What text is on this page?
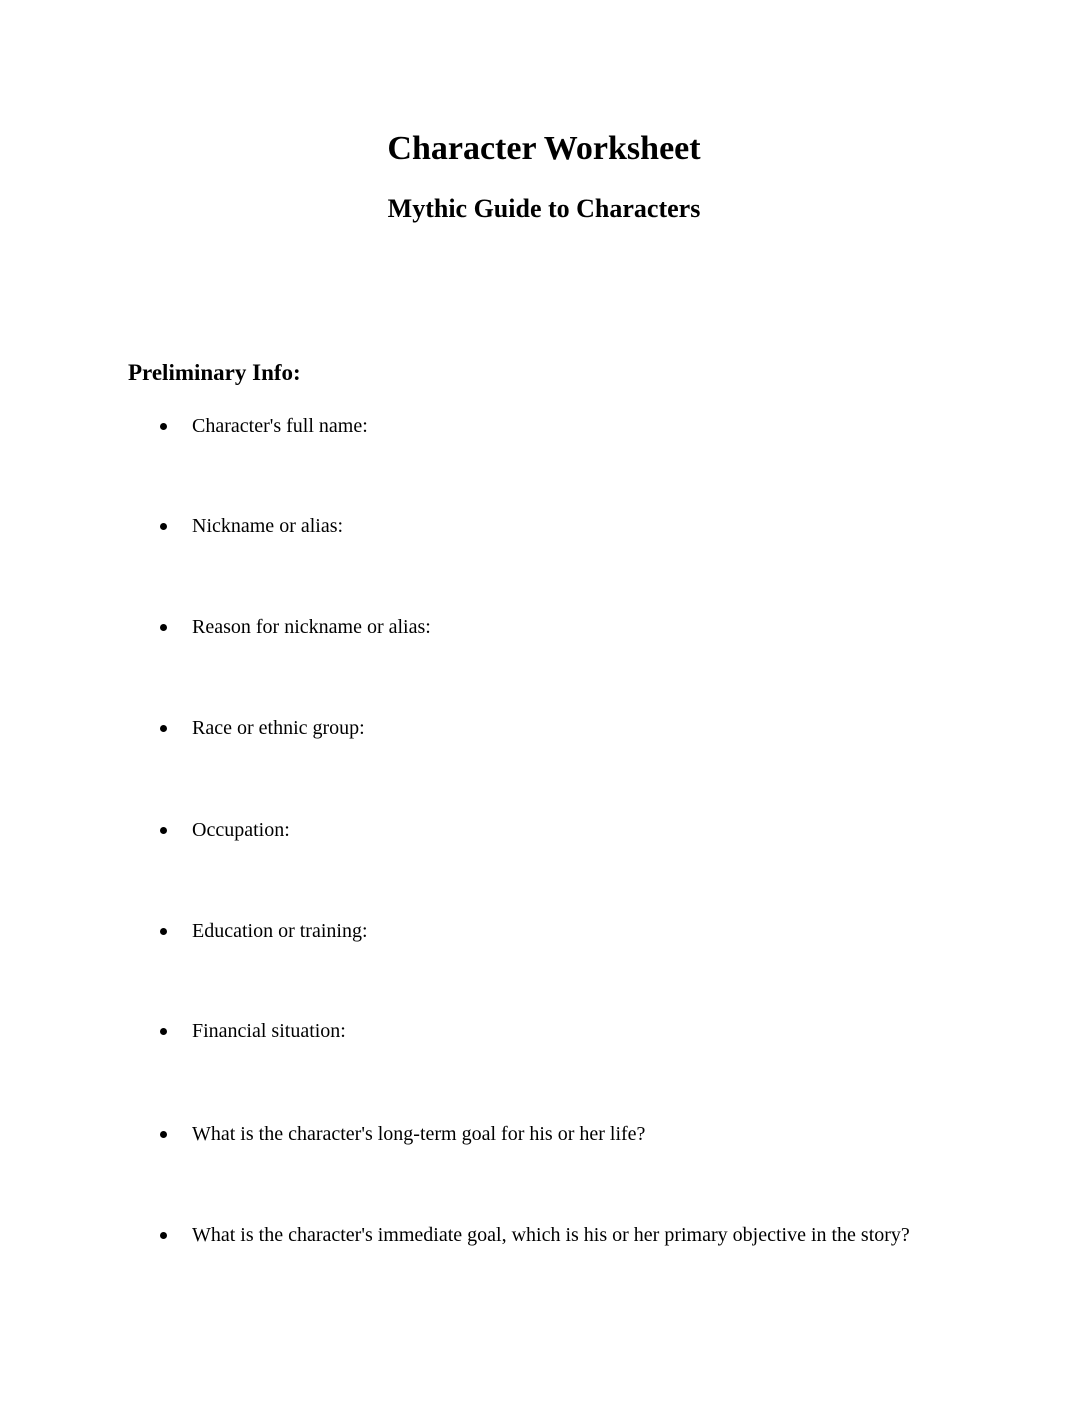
Character Worksheet
Mythic Guide to Characters
Preliminary Info:
Character's full name:
Nickname or alias:
Reason for nickname or alias:
Race or ethnic group:
Occupation:
Education or training:
Financial situation:
What is the character's long-term goal for his or her life?
What is the character's immediate goal, which is his or her primary objective in the story?
